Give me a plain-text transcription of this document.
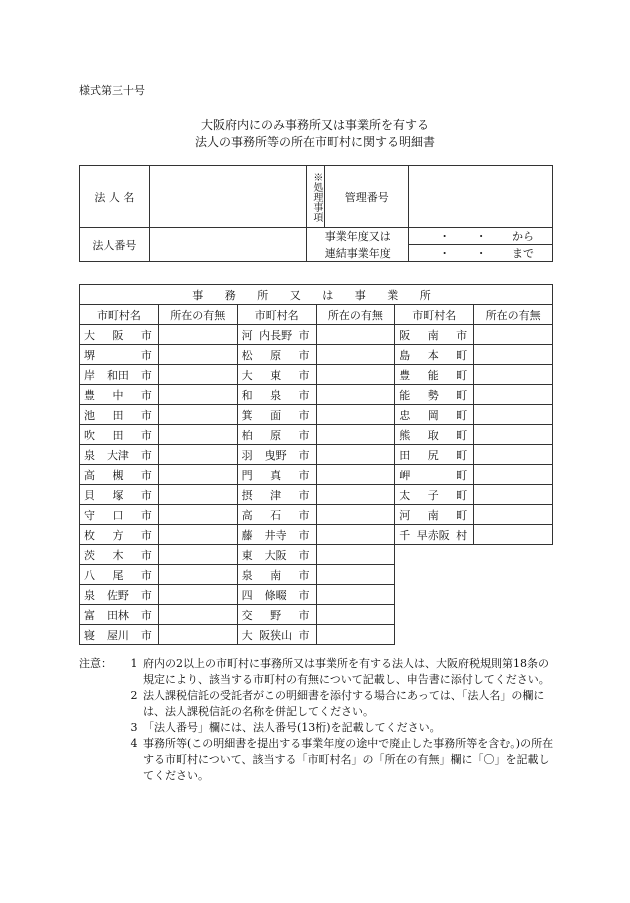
様式第三十号
大阪府内にのみ事務所又は事業所を有する
法人の事務所等の所在市町村に関する明細書
法 人 名		※処理事項	管理番号	
法人番号		事業年度又は		・ ・ から

		連結事業年度		・ ・ まで
事 務 所 又 は 事 業 所					
市町村名	所在の有無	市町村名	所在の有無	市町村名	所在の有無

大 阪 市		河 内長野 市		阪 南 市	

堺 市		松 原 市		島 本 町	

岸 和田 市		大 東 市		豊 能 町	

豊 中 市		和 泉 市		能 勢 町	

池 田 市		箕 面 市		忠 岡 町	

吹 田 市		柏 原 市		熊 取 町	

泉 大津 市		羽 曳野 市		田 尻 町	

高 槻 市		門 真 市		岬 町	

貝 塚 市		摂 津 市		太 子 町	

守 口 市		高 石 市		河 南 町	

枚 方 市		藤 井寺 市		千 早赤阪 村	

茨 木 市		東 大阪 市			

八 尾 市		泉 南 市			

泉 佐野 市		四 條畷 市			

富 田林 市		交 野 市			

寝 屋川 市		大 阪狭山 市			

注意：	1 府内の2以上の市町村に事務所又は事業所を有する法人は、大阪府税規則第18条の規定により、該当する市町村の有無について記載し、申告書に添付してください。
2 法人課税信託の受託者がこの明細書を添付する場合にあっては、「法人名」の欄には、法人課税信託の名称を併記してください。
3 「法人番号」欄には、法人番号(13桁)を記載してください。
4 事務所等(この明細書を提出する事業年度の途中で廃止した事務所等を含む。)の所在する市町村について、該当する「市町村名」の「所在の有無」欄に「〇」を記載してください。
